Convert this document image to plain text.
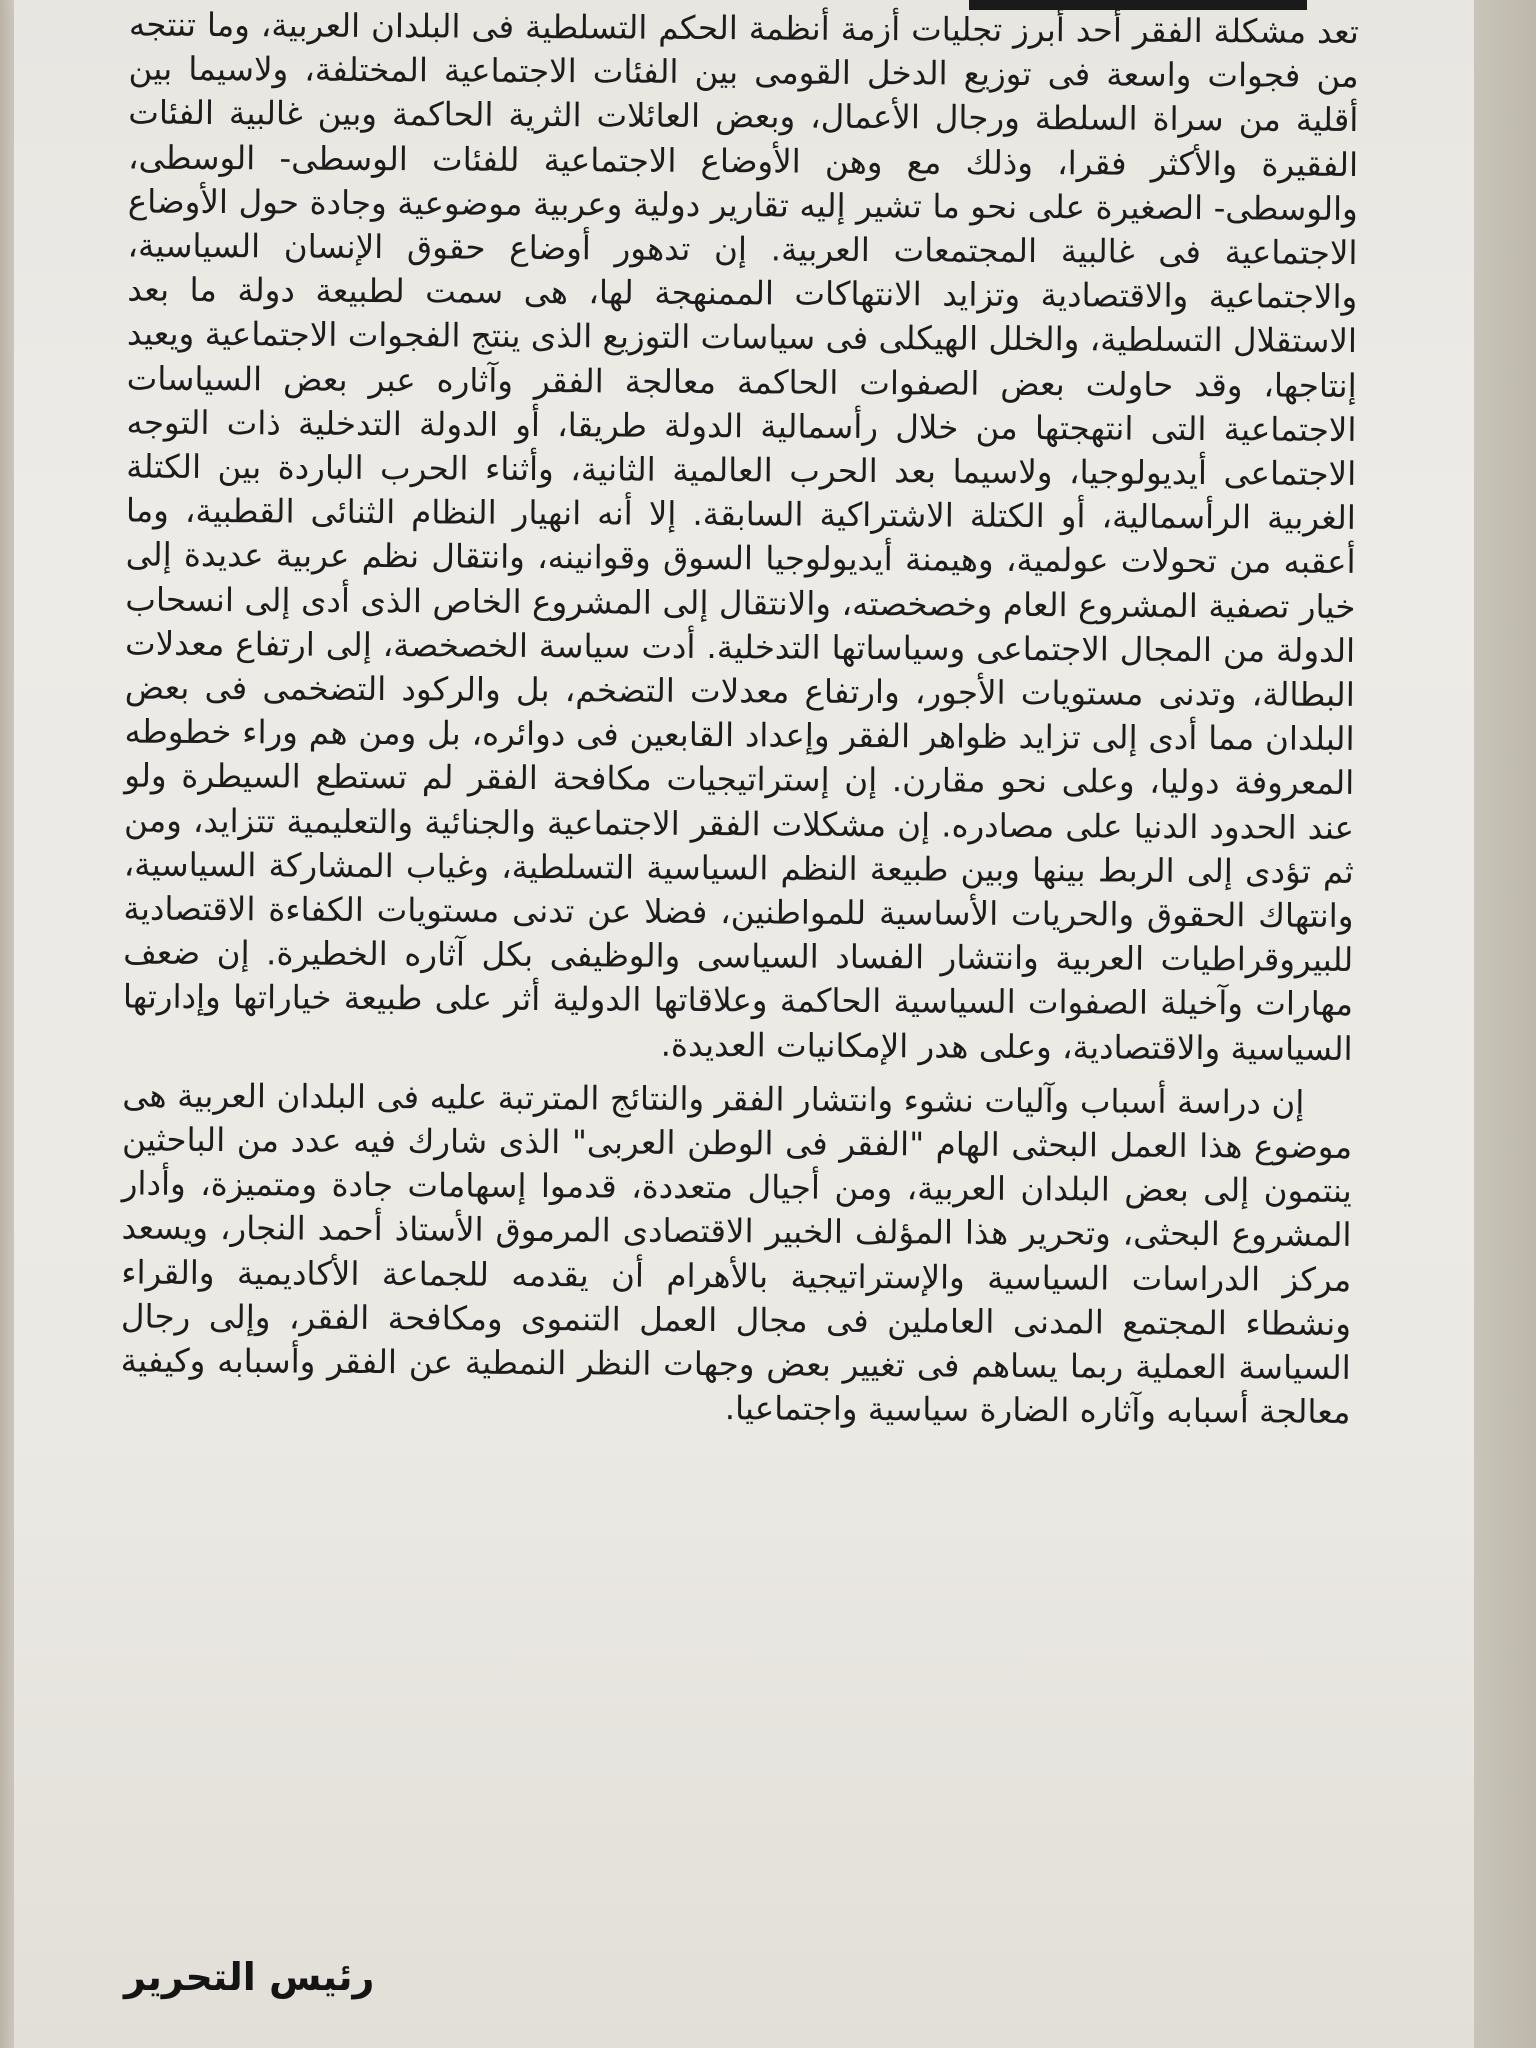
تعد مشكلة الفقر أحد أبرز تجليات أزمة أنظمة الحكم التسلطية فى البلدان العربية، وما تنتجه من فجوات واسعة فى توزيع الدخل القومى بين الفئات الاجتماعية المختلفة، ولاسيما بين أقلية من سراة السلطة ورجال الأعمال، وبعض العائلات الثرية الحاكمة وبين غالبية الفئات الفقيرة والأكثر فقرا، وذلك مع وهن الأوضاع الاجتماعية للفئات الوسطى- الوسطى، والوسطى- الصغيرة على نحو ما تشير إليه تقارير دولية وعربية موضوعية وجادة حول الأوضاع الاجتماعية فى غالبية المجتمعات العربية. إن تدهور أوضاع حقوق الإنسان السياسية، والاجتماعية والاقتصادية وتزايد الانتهاكات الممنهجة لها، هى سمت لطبيعة دولة ما بعد الاستقلال التسلطية، والخلل الهيكلى فى سياسات التوزيع الذى ينتج الفجوات الاجتماعية ويعيد إنتاجها، وقد حاولت بعض الصفوات الحاكمة معالجة الفقر وآثاره عبر بعض السياسات الاجتماعية التى انتهجتها من خلال رأسمالية الدولة طريقا، أو الدولة التدخلية ذات التوجه الاجتماعى أيديولوجيا، ولاسيما بعد الحرب العالمية الثانية، وأثناء الحرب الباردة بين الكتلة الغربية الرأسمالية، أو الكتلة الاشتراكية السابقة. إلا أنه انهيار النظام الثنائى القطبية، وما أعقبه من تحولات عولمية، وهيمنة أيديولوجيا السوق وقوانينه، وانتقال نظم عربية عديدة إلى خيار تصفية المشروع العام وخصخصته، والانتقال إلى المشروع الخاص الذى أدى إلى انسحاب الدولة من المجال الاجتماعى وسياساتها التدخلية. أدت سياسة الخصخصة، إلى ارتفاع معدلات البطالة، وتدنى مستويات الأجور، وارتفاع معدلات التضخم، بل والركود التضخمى فى بعض البلدان مما أدى إلى تزايد ظواهر الفقر وإعداد القابعين فى دوائره، بل ومن هم وراء خطوطه المعروفة دوليا، وعلى نحو مقارن. إن إستراتيجيات مكافحة الفقر لم تستطع السيطرة ولو عند الحدود الدنيا على مصادره. إن مشكلات الفقر الاجتماعية والجنائية والتعليمية تتزايد، ومن ثم تؤدى إلى الربط بينها وبين طبيعة النظم السياسية التسلطية، وغياب المشاركة السياسية، وانتهاك الحقوق والحريات الأساسية للمواطنين، فضلا عن تدنى مستويات الكفاءة الاقتصادية للبيروقراطيات العربية وانتشار الفساد السياسى والوظيفى بكل آثاره الخطيرة. إن ضعف مهارات وآخيلة الصفوات السياسية الحاكمة وعلاقاتها الدولية أثر على طبيعة خياراتها وإدارتها السياسية والاقتصادية، وعلى هدر الإمكانيات العديدة.

إن دراسة أسباب وآليات نشوء وانتشار الفقر والنتائج المترتبة عليه فى البلدان العربية هى موضوع هذا العمل البحثى الهام "الفقر فى الوطن العربى" الذى شارك فيه عدد من الباحثين ينتمون إلى بعض البلدان العربية، ومن أجيال متعددة، قدموا إسهامات جادة ومتميزة، وأدار المشروع البحثى، وتحرير هذا المؤلف الخبير الاقتصادى المرموق الأستاذ أحمد النجار، ويسعد مركز الدراسات السياسية والإستراتيجية بالأهرام أن يقدمه للجماعة الأكاديمية والقراء ونشطاء المجتمع المدنى العاملين فى مجال العمل التنموى ومكافحة الفقر، وإلى رجال السياسة العملية ربما يساهم فى تغيير بعض وجهات النظر النمطية عن الفقر وأسبابه وكيفية معالجة أسبابه وآثاره الضارة سياسية واجتماعيا.

رئيس التحرير
